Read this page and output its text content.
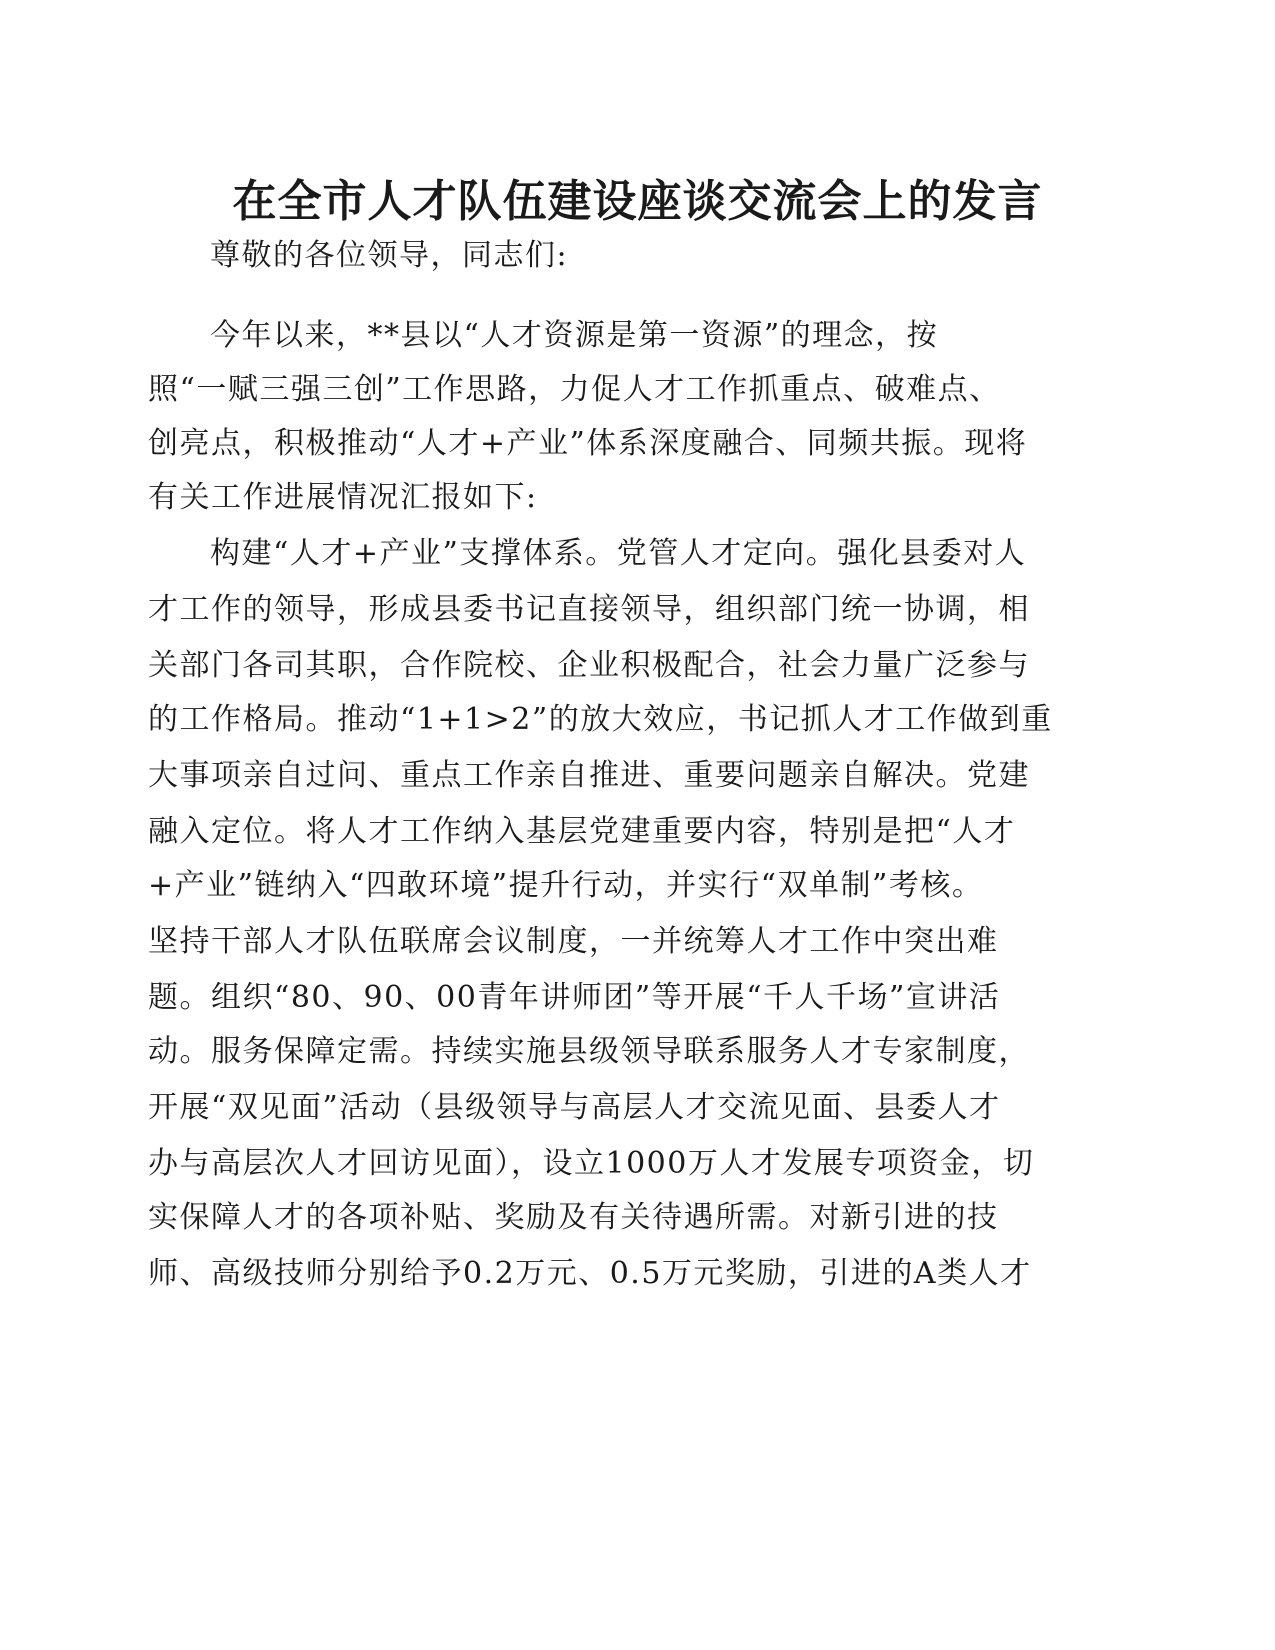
在全市人才队伍建设座谈交流会上的发言
尊敬的各位领导，同志们:
今年以来，**县以“人才资源是第一资源”的理念，按
照“一赋三强三创”工作思路，力促人才工作抓重点、破难点、
创亮点，积极推动“人才+产业”体系深度融合、同频共振。现将
有关工作进展情况汇报如下:
构建“人才+产业”支撑体系。党管人才定向。强化县委对人
才工作的领导，形成县委书记直接领导，组织部门统一协调，相
关部门各司其职，合作院校、企业积极配合，社会力量广泛参与
的工作格局。推动“1+1>2”的放大效应，书记抓人才工作做到重
大事项亲自过问、重点工作亲自推进、重要问题亲自解决。党建
融入定位。将人才工作纳入基层党建重要内容，特别是把“人才
+产业”链纳入“四敢环境”提升行动，并实行“双单制”考核。
坚持干部人才队伍联席会议制度，一并统筹人才工作中突出难
题。组织“80、90、00青年讲师团”等开展“千人千场”宣讲活
动。服务保障定需。持续实施县级领导联系服务人才专家制度，
开展“双见面”活动（县级领导与高层人才交流见面、县委人才
办与高层次人才回访见面），设立1000万人才发展专项资金，切
实保障人才的各项补贴、奖励及有关待遇所需。对新引进的技
师、高级技师分别给予0.2万元、0.5万元奖励，引进的A类人才
